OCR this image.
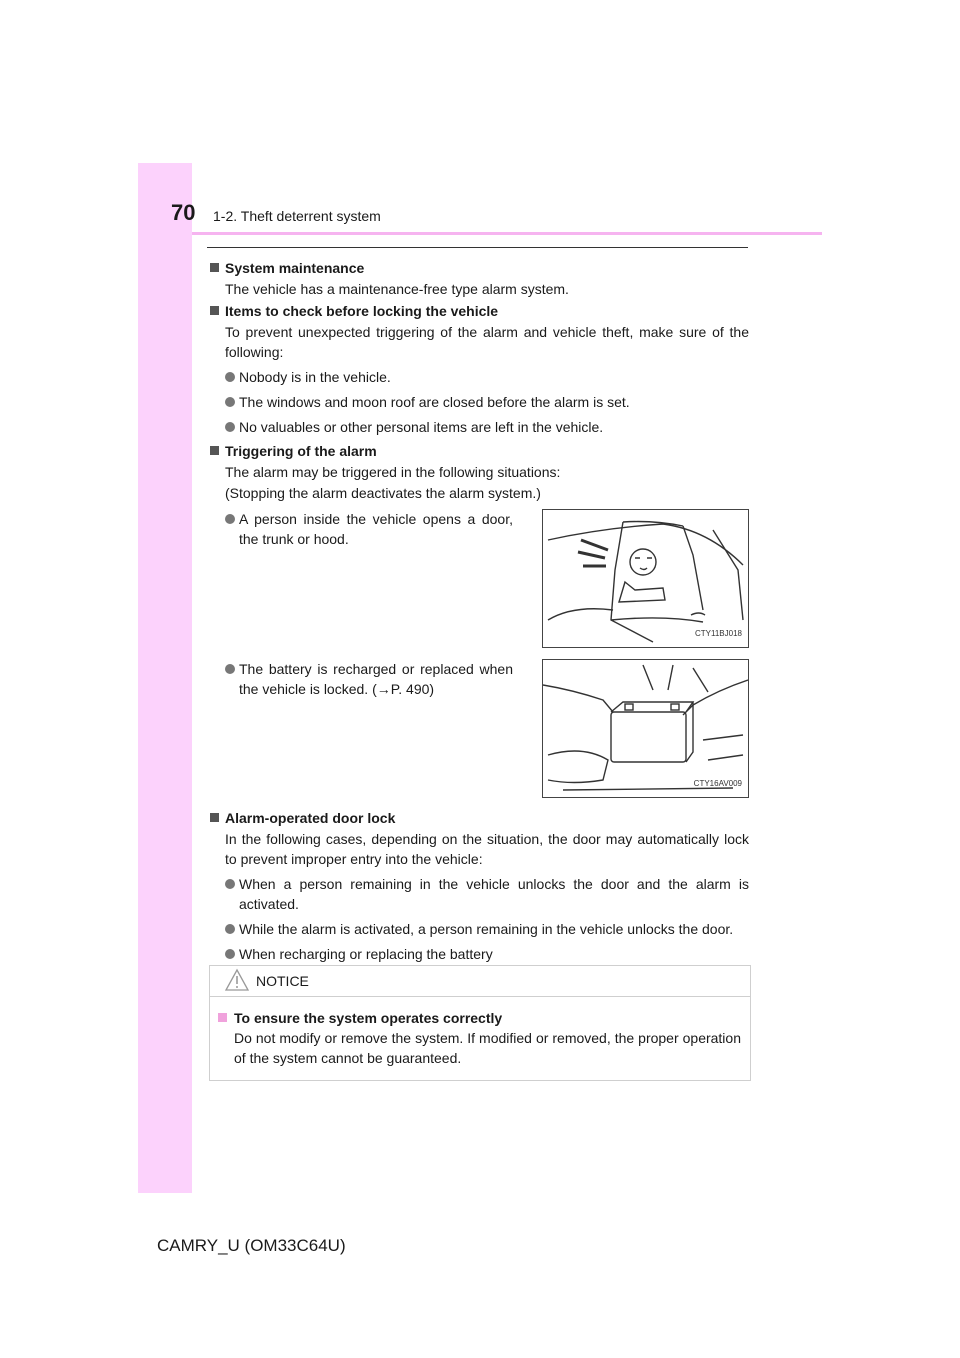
70 1-2. Theft deterrent system
System maintenance
The vehicle has a maintenance-free type alarm system.
Items to check before locking the vehicle
To prevent unexpected triggering of the alarm and vehicle theft, make sure of the following:
Nobody is in the vehicle.
The windows and moon roof are closed before the alarm is set.
No valuables or other personal items are left in the vehicle.
Triggering of the alarm
The alarm may be triggered in the following situations:
(Stopping the alarm deactivates the alarm system.)
A person inside the vehicle opens a door, the trunk or hood.
CTY11BJ018
The battery is recharged or replaced when the vehicle is locked. (→P. 490)
CTY16AV009
Alarm-operated door lock
In the following cases, depending on the situation, the door may automatically lock to prevent improper entry into the vehicle:
When a person remaining in the vehicle unlocks the door and the alarm is activated.
While the alarm is activated, a person remaining in the vehicle unlocks the door.
When recharging or replacing the battery
NOTICE
To ensure the system operates correctly
Do not modify or remove the system. If modified or removed, the proper operation of the system cannot be guaranteed.
CAMRY_U (OM33C64U)
